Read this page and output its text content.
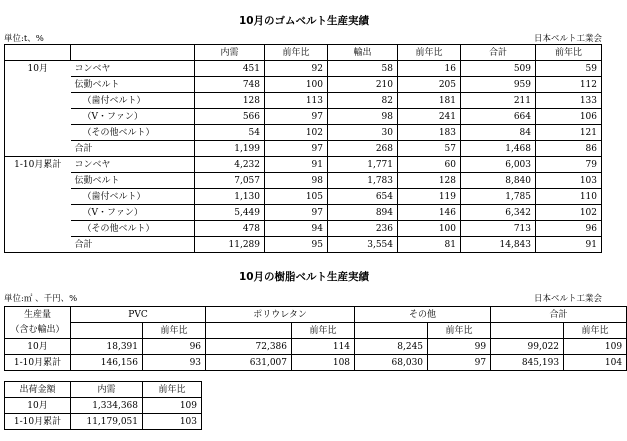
10月のゴムベルト生産実績
単位:t、%	日本ベルト工業会
		内需	前年比	輸出	前年比	合計	前年比
10月	コンベヤ	451	92	58	16	509	59
	伝動ベルト	748	100	210	205	959	112
	（歯付ベルト）	128	113	82	181	211	133
	（V・ファン）	566	97	98	241	664	106
	（その他ベルト）	54	102	30	183	84	121
	合計	1,199	97	268	57	1,468	86
1-10月累計	コンベヤ	4,232	91	1,771	60	6,003	79
	伝動ベルト	7,057	98	1,783	128	8,840	103
	（歯付ベルト）	1,130	105	654	119	1,785	110
	（V・ファン）	5,449	97	894	146	6,342	102
	（その他ベルト）	478	94	236	100	713	96
	合計	11,289	95	3,554	81	14,843	91
10月の樹脂ベルト生産実績
単位:㎡ 、千円、%	日本ベルト工業会
生産量	PVC		ポリウレタン		その他		合計	
（含む輸出）		前年比		前年比		前年比		前年比
10月	18,391	96	72,386	114	8,245	99	99,022	109
1-10月累計	146,156	93	631,007	108	68,030	97	845,193	104
出荷金額	内需	前年比
10月	1,334,368	109
1-10月累計	11,179,051	103
